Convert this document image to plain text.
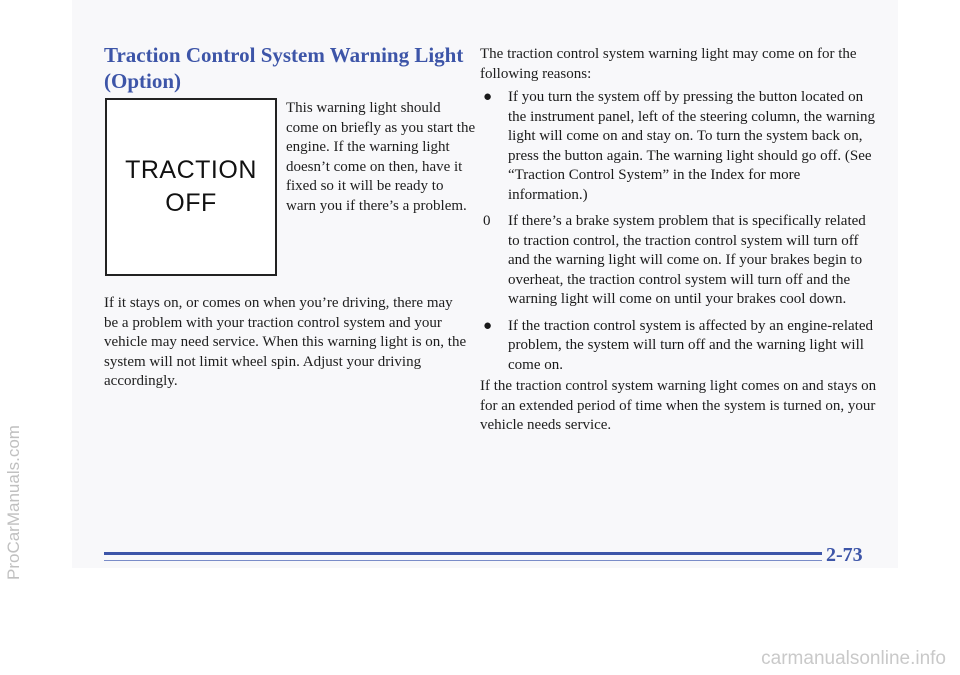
Traction Control System Warning Light (Option)
TRACTION
OFF

This warning light should come on briefly as you start the engine. If the warning light doesn’t come on then, have it fixed so it will be ready to warn you if there’s a problem.

If it stays on, or comes on when you’re driving, there may be a problem with your traction control system and your vehicle may need service. When this warning light is on, the system will not limit wheel spin. Adjust your driving accordingly.

The traction control system warning light may come on for the following reasons:

● If you turn the system off by pressing the button located on the instrument panel, left of the steering column, the warning light will come on and stay on. To turn the system back on, press the button again. The warning light should go off. (See “Traction Control System” in the Index for more information.)
0 If there’s a brake system problem that is specifically related to traction control, the traction control system will turn off and the warning light will come on. If your brakes begin to overheat, the traction control system will turn off and the warning light will come on until your brakes cool down.
● If the traction control system is affected by an engine-related problem, the system will turn off and the warning light will come on.

If the traction control system warning light comes on and stays on for an extended period of time when the system is turned on, your vehicle needs service.

2-73

ProCarManuals.com

carmanualsonline.info
